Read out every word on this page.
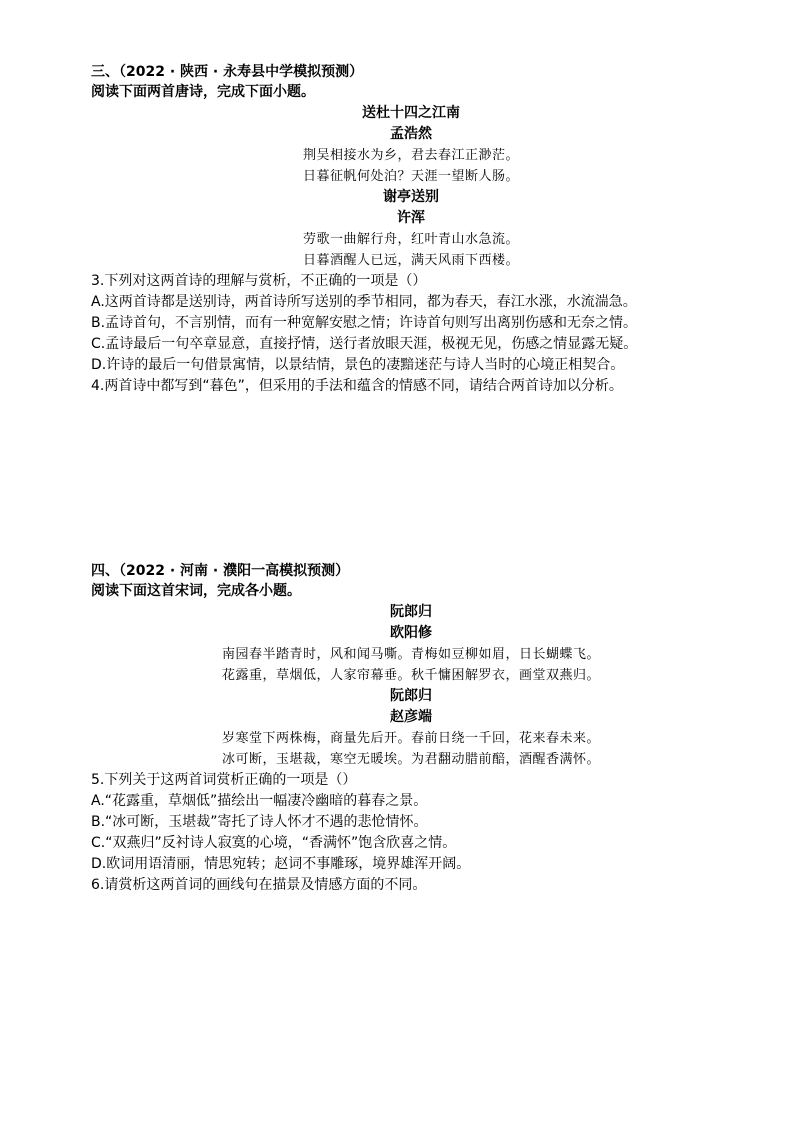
三、（2022 · 陕西 · 永寿县中学模拟预测）
阅读下面两首唐诗，完成下面小题。
送杜十四之江南
孟浩然
荆吴相接水为乡，君去春江正渺茫。
日暮征帆何处泊？天涯一望断人肠。
谢亭送别
许浑
劳歌一曲解行舟，红叶青山水急流。
日暮酒醒人已远，满天风雨下西楼。
3.下列对这两首诗的理解与赏析，不正确的一项是（）
A.这两首诗都是送别诗，两首诗所写送别的季节相同，都为春天，春江水涨，水流湍急。
B.孟诗首句，不言别情，而有一种宽解安慰之情；许诗首句则写出离别伤感和无奈之情。
C.孟诗最后一句卒章显意，直接抒情，送行者放眼天涯，极视无见，伤感之情显露无疑。
D.许诗的最后一句借景寓情，以景结情，景色的凄黯迷茫与诗人当时的心境正相契合。
4.两首诗中都写到“暮色”，但采用的手法和蕴含的情感不同，请结合两首诗加以分析。
四、（2022 · 河南 · 濮阳一高模拟预测）
阅读下面这首宋词，完成各小题。
阮郎归
欧阳修
南园春半踏青时，风和闻马嘶。青梅如豆柳如眉，日长蝴蝶飞。
花露重，草烟低，人家帘幕垂。秋千慵困解罗衣，画堂双燕归。
阮郎归
赵彦端
岁寒堂下两株梅，商量先后开。春前日绕一千回，花来春未来。
冰可断，玉堪裁，寒空无暖埃。为君翻动腊前醅，酒醒香满怀。
5.下列关于这两首词赏析正确的一项是（）
A.“花露重，草烟低”描绘出一幅凄冷幽暗的暮春之景。
B.“冰可断，玉堪裁”寄托了诗人怀才不遇的悲怆情怀。
C.“双燕归”反衬诗人寂寞的心境，“香满怀”饱含欣喜之情。
D.欧词用语清丽，情思宛转；赵词不事雕琢，境界雄浑开阔。
6.请赏析这两首词的画线句在描景及情感方面的不同。
